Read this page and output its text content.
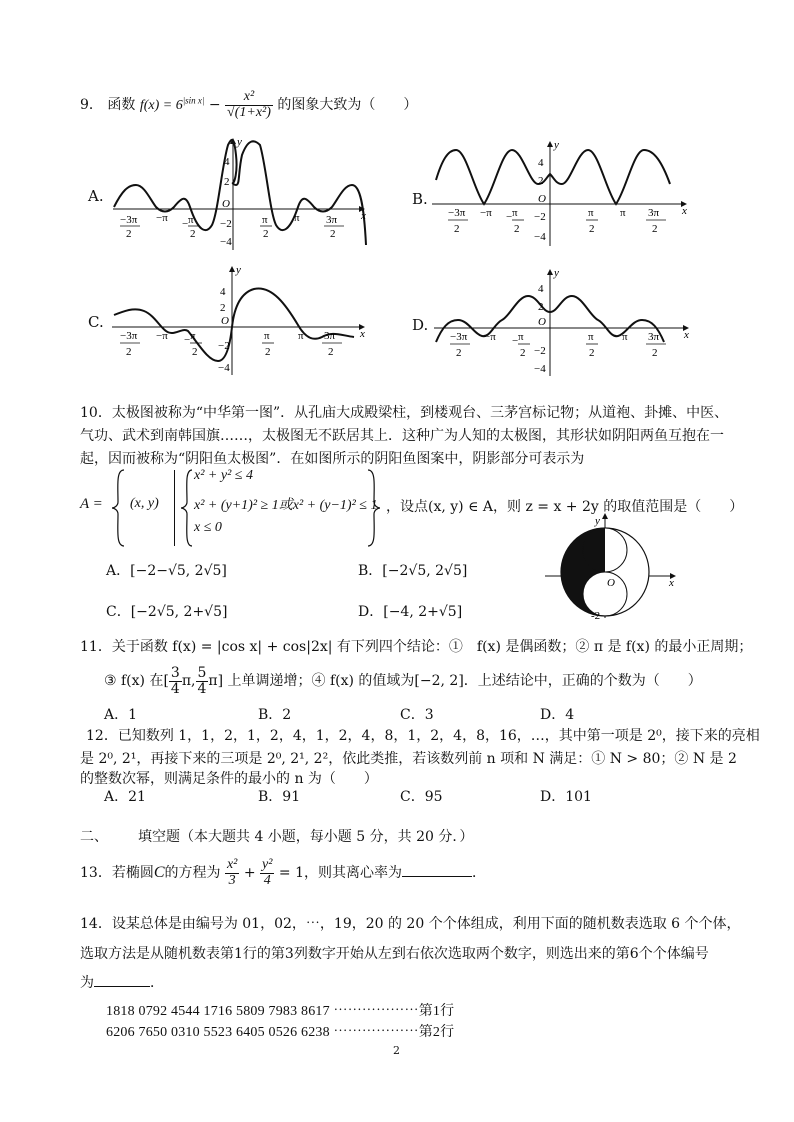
9． 函数 $f(x) = 6^{|sin x|} - \frac{\text{x²}}{\text{√(1+x²)}}$ 的图象大致为（　　）
A.	B.
C.	D.
4
2
O
−2
−4
y
x
−3π
2
−π π
−
2
π
2
π 3π
2
4
2
O
−2
−4
y
x
−3π
2
−π π
−
2
π
2
π 3π
2
4
2
O
−2
−4
y
x
−3π
2
−π π
−
2
π
2
π 3π
2
4
2
O
−2
−4
y
x
−3π
2
−π π
−
2
π
2
π 3π
2
10．太极图被称为“中华第一图”．从孔庙大成殿梁柱，到楼观台、三茅宫标记物；从道袍、卦摊、中医、
气功、武术到南韩国旗……，太极图无不跃居其上．这种广为人知的太极图，其形状如阴阳两鱼互抱在一
起，因而被称为“阴阳鱼太极图”．在如图所示的阴阳鱼图案中，阴影部分可表示为
A = (x, y)
x² + y² ≤ 4
x² + (y+1)² ≥ 1或x² + (y−1)² ≤ 1
x ≤ 0
，设点(x, y) ∈ A，则 z = x + 2y 的取值范围是（　　）
A．[−2−√5, 2√5]	B．[−2√5, 2√5]
C．[−2√5, 2+√5]	D．[−4, 2+√5]
y
x
O
-2
11．关于函数 f(x) = |cos x| + cos|2x| 有下列四个结论：①　f(x) 是偶函数；② π 是 f(x) 的最小正周期；
③ f(x) 在[ $\frac{3}{4} \pi$, $\frac{5}{4} \pi$] 上单调递增；④ f(x) 的值域为[−2, 2]．上述结论中，正确的个数为（　　）
A．1	B．2	C．3	D．4
12．已知数列 1，1，2，1，2，4，1，2，4，8，1，2，4，8，16，…，其中第一项是 2⁰，接下来的亮相
是 2⁰, 2¹，再接下来的三项是 2⁰, 2¹, 2²，依此类推，若该数列前 n 项和 N 满足：① N > 80；② N 是 2
的整数次幂，则满足条件的最小的 n 为（　　）
A．21	B．91	C．95	D．101
二、 填空题（本大题共 4 小题，每小题 5 分，共 20 分．）
13．若椭圆C的方程为 $\frac{\text{x²}}{3} + \frac{\text{y²}}{4} = 1$，则其离心率为	．
14．设某总体是由编号为 01，02，⋯，19，20 的 20 个个体组成，利用下面的随机数表选取 6 个个体，
选取方法是从随机数表第1行的第3列数字开始从左到右依次选取两个数字，则选出来的第6个个体编号
为	．
1818 0792 4544 1716 5809 7983 8617 ⋯⋯⋯⋯⋯⋯第1行
6206 7650 0310 5523 6405 0526 6238 ⋯⋯⋯⋯⋯⋯第2行
2
